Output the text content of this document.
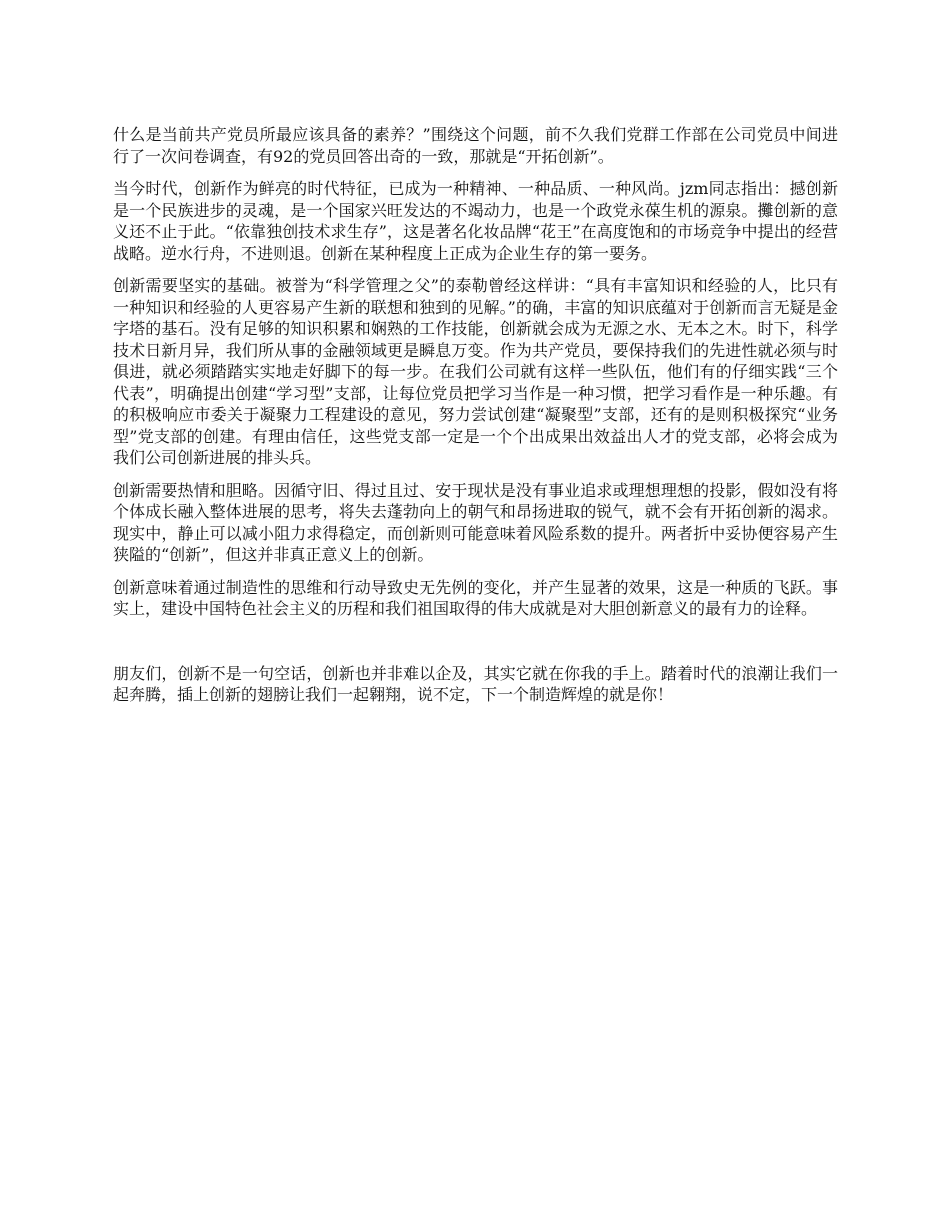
什么是当前共产党员所最应该具备的素养？”围绕这个问题，前不久我们党群工作部在公司党员中间进行了一次问卷调查，有92的党员回答出奇的一致，那就是“开拓创新”。

当今时代，创新作为鲜亮的时代特征，已成为一种精神、一种品质、一种风尚。jzm同志指出：撼创新是一个民族进步的灵魂，是一个国家兴旺发达的不竭动力，也是一个政党永葆生机的源泉。攤创新的意义还不止于此。“依靠独创技术求生存”，这是著名化妆品牌“花王”在高度饱和的市场竞争中提出的经营战略。逆水行舟，不进则退。创新在某种程度上正成为企业生存的第一要务。

创新需要坚实的基础。被誉为“科学管理之父”的泰勒曾经这样讲：“具有丰富知识和经验的人，比只有一种知识和经验的人更容易产生新的联想和独到的见解。”的确，丰富的知识底蕴对于创新而言无疑是金字塔的基石。没有足够的知识积累和娴熟的工作技能，创新就会成为无源之水、无本之木。时下，科学技术日新月异，我们所从事的金融领域更是瞬息万变。作为共产党员，要保持我们的先进性就必须与时俱进，就必须踏踏实实地走好脚下的每一步。在我们公司就有这样一些队伍，他们有的仔细实践“三个代表”，明确提出创建“学习型”支部，让每位党员把学习当作是一种习惯，把学习看作是一种乐趣。有的积极响应市委关于凝聚力工程建设的意见，努力尝试创建“凝聚型”支部，还有的是则积极探究“业务型”党支部的创建。有理由信任，这些党支部一定是一个个出成果出效益出人才的党支部，必将会成为我们公司创新进展的排头兵。

创新需要热情和胆略。因循守旧、得过且过、安于现状是没有事业追求或理想理想的投影，假如没有将个体成长融入整体进展的思考，将失去蓬勃向上的朝气和昂扬进取的锐气，就不会有开拓创新的渴求。现实中，静止可以减小阻力求得稳定，而创新则可能意味着风险系数的提升。两者折中妥协便容易产生狭隘的“创新”，但这并非真正意义上的创新。

创新意味着通过制造性的思维和行动导致史无先例的变化，并产生显著的效果，这是一种质的飞跃。事实上，建设中国特色社会主义的历程和我们祖国取得的伟大成就是对大胆创新意义的最有力的诠释。

朋友们，创新不是一句空话，创新也并非难以企及，其实它就在你我的手上。踏着时代的浪潮让我们一起奔腾，插上创新的翅膀让我们一起翱翔，说不定，下一个制造辉煌的就是你！
